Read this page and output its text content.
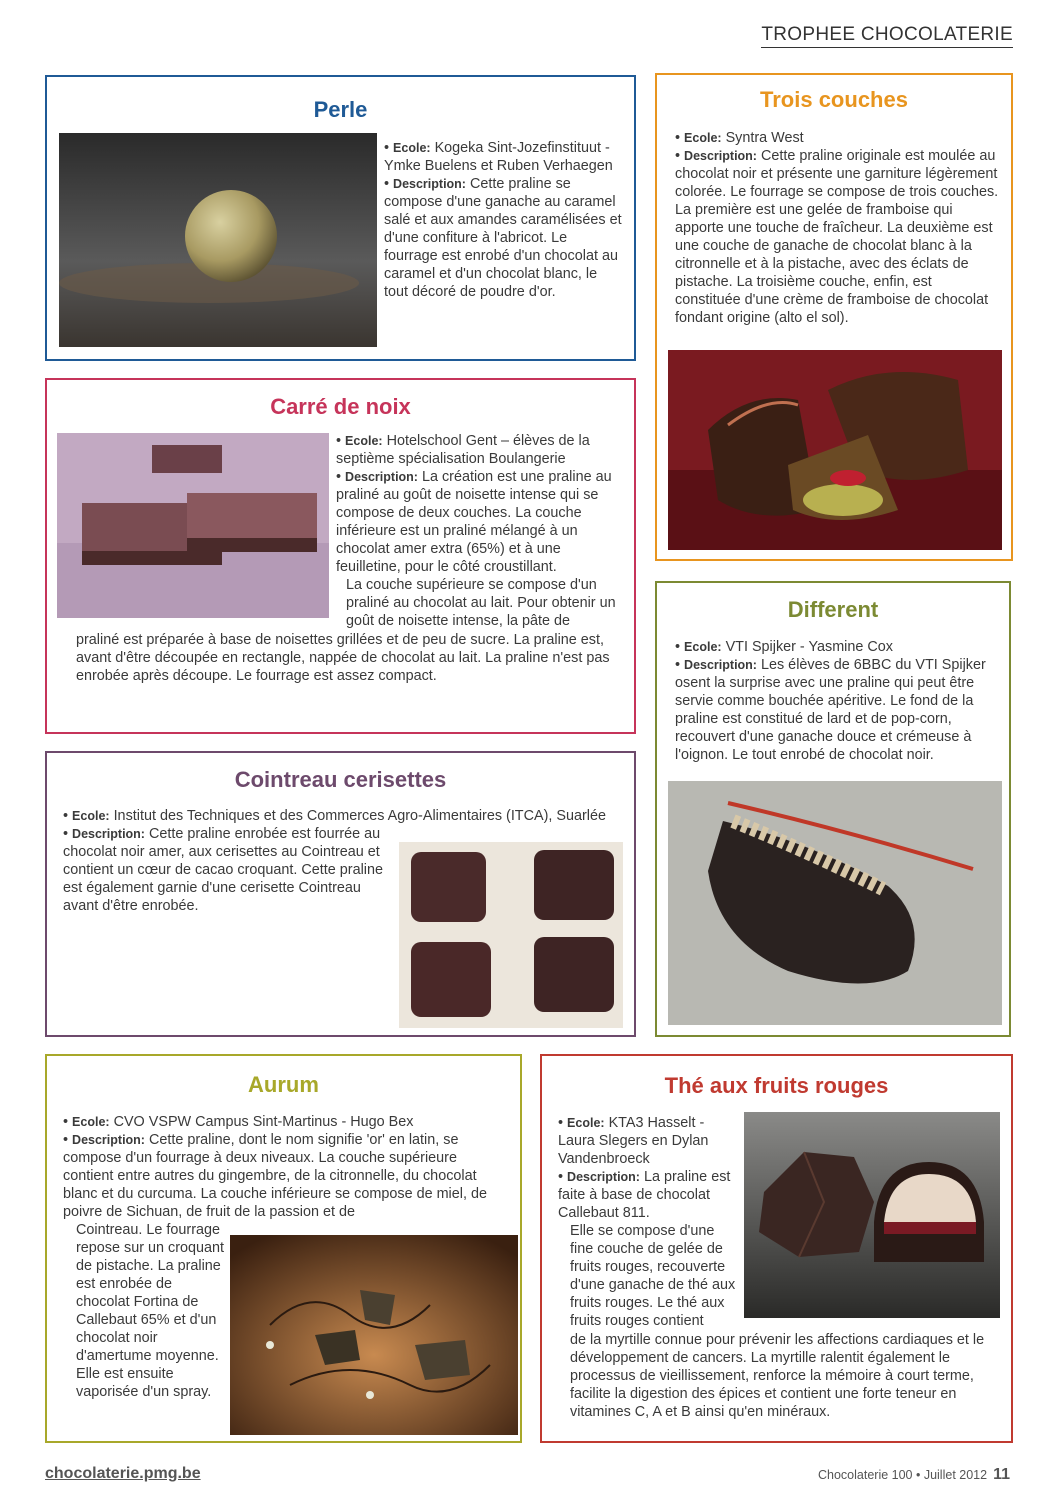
TROPHEE CHOCOLATERIE
Perle

• Ecole: Kogeka Sint-Jozefinstituut - Ymke Buelens et Ruben Verhaegen

• Description: Cette praline se compose d'une ganache au caramel salé et aux amandes caramélisées et d'une confiture à l'abricot. Le fourrage est enrobé d'un chocolat au caramel et d'un chocolat blanc, le tout décoré de poudre d'or.

Trois couches

• Ecole: Syntra West

• Description: Cette praline originale est moulée au chocolat noir et présente une garniture légèrement colorée. Le fourrage se compose de trois couches. La première est une gelée de framboise qui apporte une touche de fraîcheur. La deuxième est une couche de ganache de chocolat blanc à la citronnelle et à la pistache, avec des éclats de pistache. La troisième couche, enfin, est constituée d'une crème de framboise de chocolat fondant origine (alto el sol).

Carré de noix

• Ecole: Hotelschool Gent – élèves de la septième spécialisation Boulangerie

• Description: La création est une praline au praliné au goût de noisette intense qui se compose de deux couches. La couche inférieure est un praliné mélangé à un chocolat amer extra (65%) et à une feuilletine, pour le côté croustillant.

La couche supérieure se compose d'un praliné au chocolat au lait. Pour obtenir un goût de noisette intense, la pâte de

praliné est préparée à base de noisettes grillées et de peu de sucre. La praline est, avant d'être découpée en rectangle, nappée de chocolat au lait. La praline n'est pas enrobée après découpe. Le fourrage est assez compact.

Different

• Ecole: VTI Spijker - Yasmine Cox

• Description: Les élèves de 6BBC du VTI Spijker osent la surprise avec une praline qui peut être servie comme bouchée apéritive. Le fond de la praline est constitué de lard et de pop-corn, recouvert d'une ganache douce et crémeuse à l'oignon. Le tout enrobé de chocolat noir.

Cointreau cerisettes

• Ecole: Institut des Techniques et des Commerces Agro-Alimentaires (ITCA), Suarlée

• Description: Cette praline enrobée est fourrée au chocolat noir amer, aux cerisettes au Cointreau et contient un cœur de cacao croquant. Cette praline est également garnie d'une cerisette Cointreau avant d'être enrobée.

Aurum

• Ecole: CVO VSPW Campus Sint-Martinus - Hugo Bex

• Description: Cette praline, dont le nom signifie 'or' en latin, se compose d'un fourrage à deux niveaux. La couche supérieure contient entre autres du gingembre, de la citronnelle, du chocolat blanc et du curcuma. La couche inférieure se compose de miel, de poivre de Sichuan, de fruit de la passion et de

Cointreau. Le fourrage repose sur un croquant de pistache. La praline est enrobée de chocolat Fortina de Callebaut 65% et d'un chocolat noir d'amertume moyenne. Elle est ensuite vaporisée d'un spray.

Thé aux fruits rouges

• Ecole: KTA3 Hasselt - Laura Slegers en Dylan Vandenbroeck

• Description: La praline est faite à base de chocolat Callebaut 811.

Elle se compose d'une fine couche de gelée de fruits rouges, recouverte d'une ganache de thé aux fruits rouges. Le thé aux fruits rouges contient

de la myrtille connue pour prévenir les affections cardiaques et le développement de cancers. La myrtille ralentit également le processus de vieillissement, renforce la mémoire à court terme, facilite la digestion des épices et contient une forte teneur en vitamines C, A et B ainsi qu'en minéraux.

chocolaterie.pmg.be	Chocolaterie 100 • Juillet 2012 11
